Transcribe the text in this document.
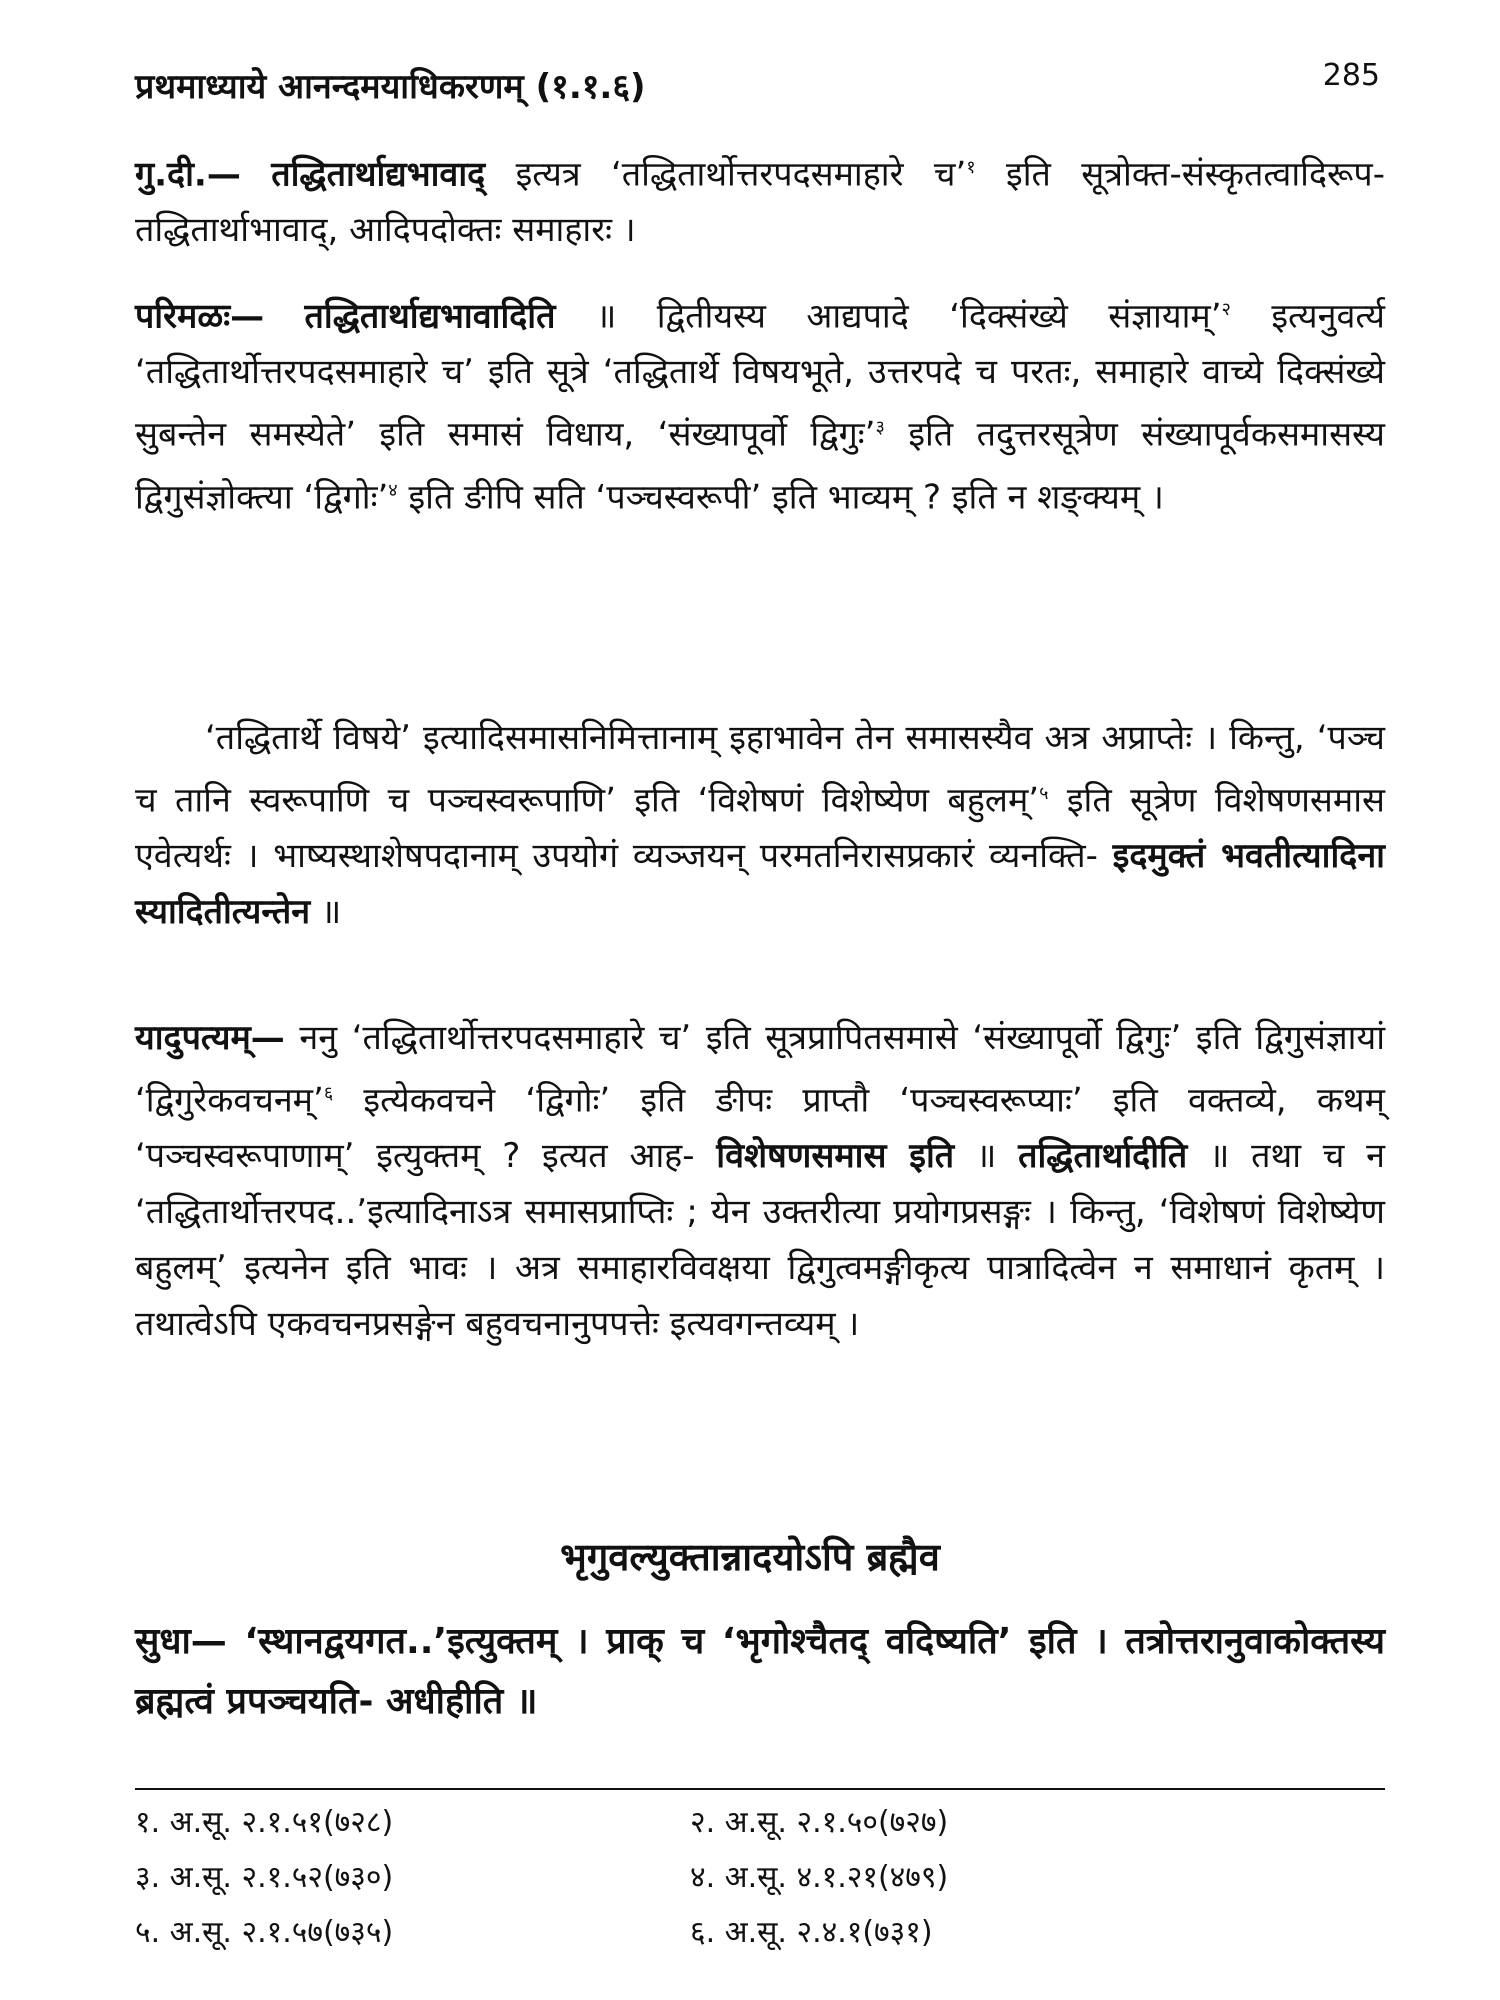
प्रथमाध्याये आनन्दमयाधिकरणम् (१.१.६)	285
गु.दी.— तद्धितार्थाद्यभावाद् इत्यत्र ‘तद्धितार्थोत्तरपदसमाहारे च’$^१$ इति सूत्रोक्त-संस्कृतत्वादिरूप-तद्धितार्थाभावाद्, आदिपदोक्तः समाहारः ।
परिमळः— तद्धितार्थाद्यभावादिति ॥ द्वितीयस्य आद्यपादे ‘दिक्संख्ये संज्ञायाम्’$^२$ इत्यनुवर्त्य ‘तद्धितार्थोत्तरपदसमाहारे च’ इति सूत्रे ‘तद्धितार्थे विषयभूते, उत्तरपदे च परतः, समाहारे वाच्ये दिक्संख्ये सुबन्तेन समस्येते’ इति समासं विधाय, ‘संख्यापूर्वो द्विगुः’$^३$ इति तदुत्तरसूत्रेण संख्यापूर्वकसमासस्य द्विगुसंज्ञोक्त्या ‘द्विगोः’$^४$ इति ङीपि सति ‘पञ्चस्वरूपी’ इति भाव्यम् ? इति न शङ्क्यम् ।
‘तद्धितार्थे विषये’ इत्यादिसमासनिमित्तानाम् इहाभावेन तेन समासस्यैव अत्र अप्राप्तेः । किन्तु, ‘पञ्च च तानि स्वरूपाणि च पञ्चस्वरूपाणि’ इति ‘विशेषणं विशेष्येण बहुलम्’$^५$ इति सूत्रेण विशेषणसमास एवेत्यर्थः । भाष्यस्थाशेषपदानाम् उपयोगं व्यञ्जयन् परमतनिरासप्रकारं व्यनक्ति- इदमुक्तं भवतीत्यादिना स्यादितीत्यन्तेन ॥
यादुपत्यम्— ननु ‘तद्धितार्थोत्तरपदसमाहारे च’ इति सूत्रप्रापितसमासे ‘संख्यापूर्वो द्विगुः’ इति द्विगुसंज्ञायां ‘द्विगुरेकवचनम्’$^६$ इत्येकवचने ‘द्विगोः’ इति ङीपः प्राप्तौ ‘पञ्चस्वरूप्याः’ इति वक्तव्ये, कथम् ‘पञ्चस्वरूपाणाम्’ इत्युक्तम् ? इत्यत आह- विशेषणसमास इति ॥ तद्धितार्थादीति ॥ तथा च न ‘तद्धितार्थोत्तरपद..’इत्यादिनाऽत्र समासप्राप्तिः ; येन उक्तरीत्या प्रयोगप्रसङ्गः । किन्तु, ‘विशेषणं विशेष्येण बहुलम्’ इत्यनेन इति भावः । अत्र समाहारविवक्षया द्विगुत्वमङ्गीकृत्य पात्रादित्वेन न समाधानं कृतम् । तथात्वेऽपि एकवचनप्रसङ्गेन बहुवचनानुपपत्तेः इत्यवगन्तव्यम् ।
भृगुवल्युक्तान्नादयोऽपि ब्रह्मैव
सुधा— ‘स्थानद्वयगत..’इत्युक्तम् । प्राक् च ‘भृगोश्चैतद् वदिष्यति’ इति । तत्रोत्तरानुवाकोक्तस्य ब्रह्मत्वं प्रपञ्चयति- अधीहीति ॥
१. अ.सू. २.१.५१(७२८)	२. अ.सू. २.१.५०(७२७)
३. अ.सू. २.१.५२(७३०)	४. अ.सू. ४.१.२१(४७९)
५. अ.सू. २.१.५७(७३५)	६. अ.सू. २.४.१(७३१)
